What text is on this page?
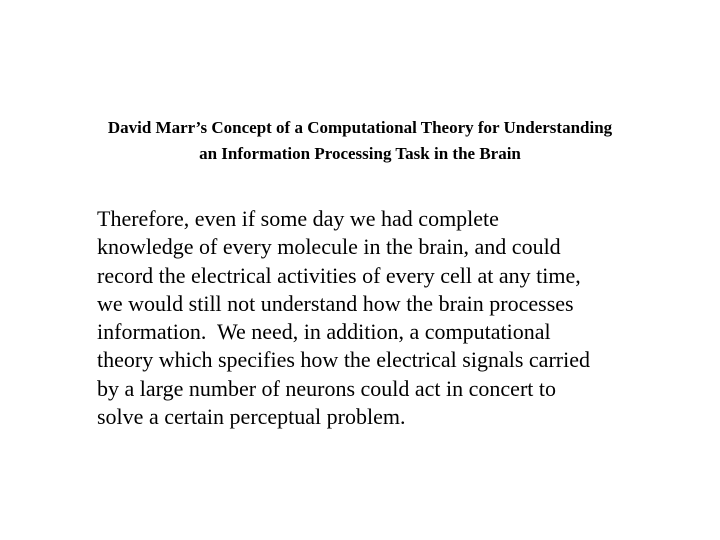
David Marr’s Concept of a Computational Theory for Understanding
an Information Processing Task in the Brain
Therefore, even if some day we had complete
knowledge of every molecule in the brain, and could
record the electrical activities of every cell at any time,
we would still not understand how the brain processes
information.  We need, in addition, a computational
theory which specifies how the electrical signals carried
by a large number of neurons could act in concert to
solve a certain perceptual problem.
